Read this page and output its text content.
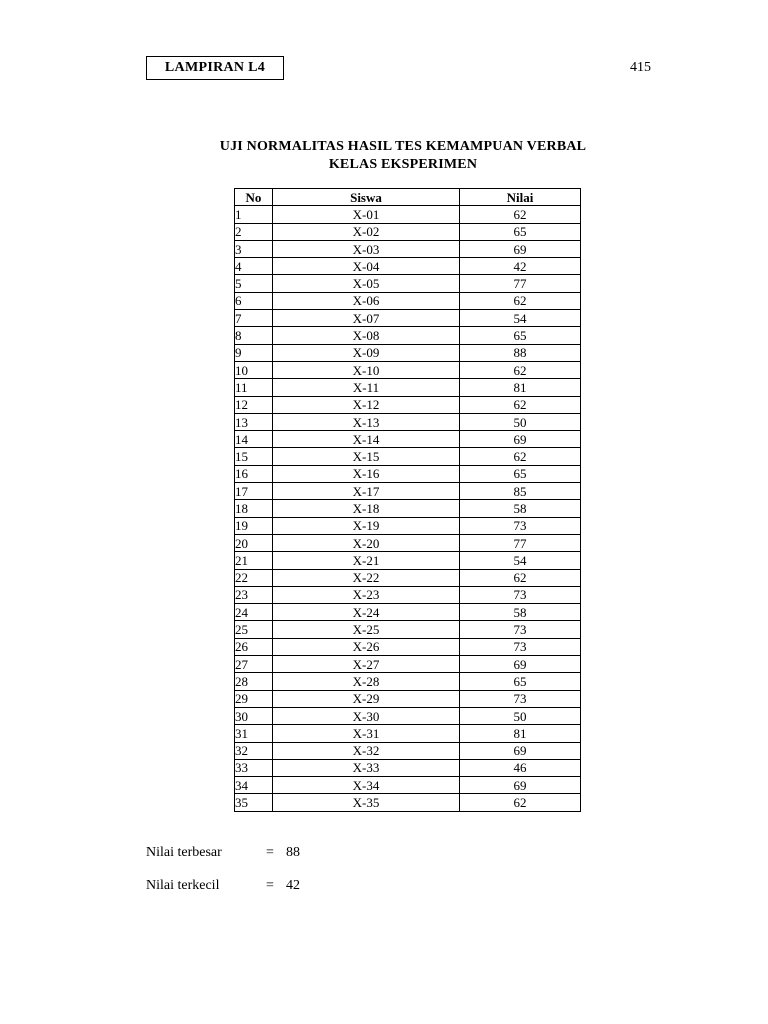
LAMPIRAN L4	415
UJI NORMALITAS HASIL TES KEMAMPUAN VERBAL
KELAS EKSPERIMEN
No	Siswa	Nilai
1	X-01	62
2	X-02	65
3	X-03	69
4	X-04	42
5	X-05	77
6	X-06	62
7	X-07	54
8	X-08	65
9	X-09	88
10	X-10	62
11	X-11	81
12	X-12	62
13	X-13	50
14	X-14	69
15	X-15	62
16	X-16	65
17	X-17	85
18	X-18	58
19	X-19	73
20	X-20	77
21	X-21	54
22	X-22	62
23	X-23	73
24	X-24	58
25	X-25	73
26	X-26	73
27	X-27	69
28	X-28	65
29	X-29	73
30	X-30	50
31	X-31	81
32	X-32	69
33	X-33	46
34	X-34	69
35	X-35	62
Nilai terbesar	= 88
Nilai terkecil	= 42
